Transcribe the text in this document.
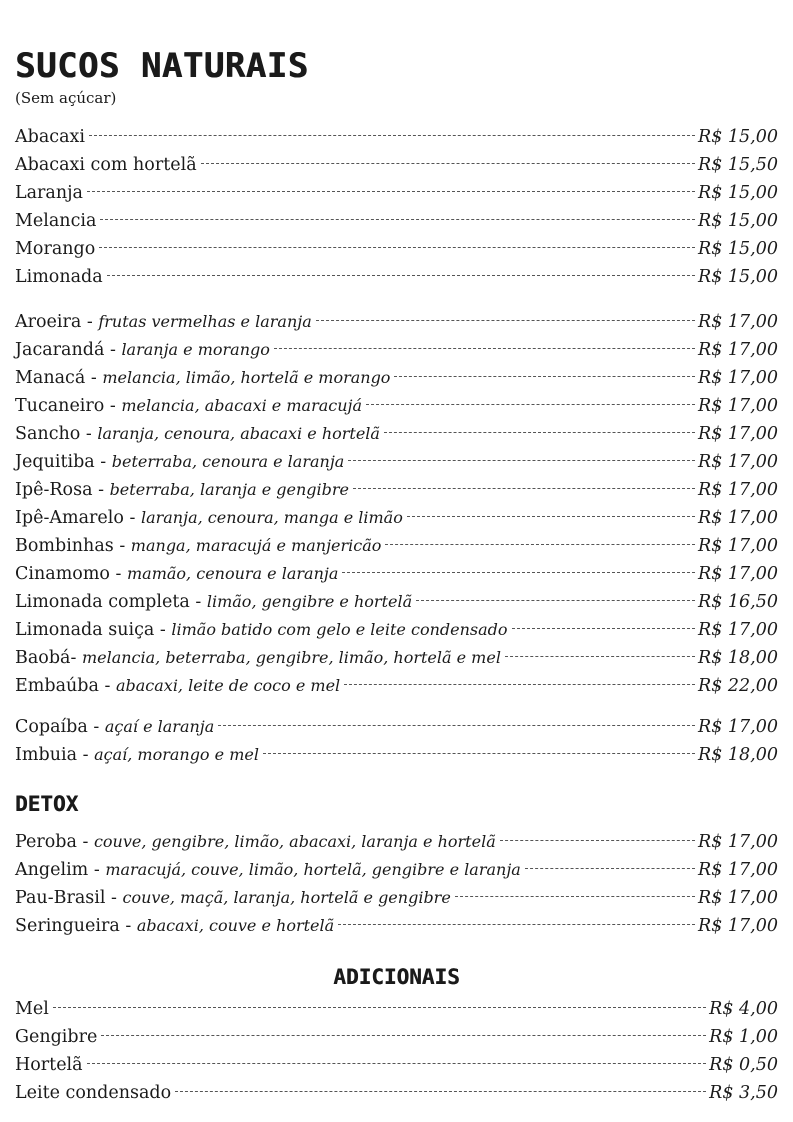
SUCOS NATURAIS
(Sem açúcar)
Abacaxi	R$ 15,00
Abacaxi com hortelã	R$ 15,50
Laranja	R$ 15,00
Melancia	R$ 15,00
Morango	R$ 15,00
Limonada	R$ 15,00
Aroeira - frutas vermelhas e laranja	R$ 17,00
Jacarandá - laranja e morango	R$ 17,00
Manacá - melancia, limão, hortelã e morango	R$ 17,00
Tucaneiro - melancia, abacaxi e maracujá	R$ 17,00
Sancho - laranja, cenoura, abacaxi e hortelã	R$ 17,00
Jequitiba - beterraba, cenoura e laranja	R$ 17,00
Ipê-Rosa - beterraba, laranja e gengibre	R$ 17,00
Ipê-Amarelo - laranja, cenoura, manga e limão	R$ 17,00
Bombinhas - manga, maracujá e manjericão	R$ 17,00
Cinamomo - mamão, cenoura e laranja	R$ 17,00
Limonada completa - limão, gengibre e hortelã	R$ 16,50
Limonada suiça - limão batido com gelo e leite condensado	R$ 17,00
Baobá - melancia, beterraba, gengibre, limão, hortelã e mel	R$ 18,00
Embaúba - abacaxi, leite de coco e mel	R$ 22,00
Copaíba - açaí e laranja	R$ 17,00
Imbuia - açaí, morango e mel	R$ 18,00
DETOX
Peroba - couve, gengibre, limão, abacaxi, laranja e hortelã	R$ 17,00
Angelim - maracujá, couve, limão, hortelã, gengibre e laranja	R$ 17,00
Pau-Brasil - couve, maçã, laranja, hortelã e gengibre	R$ 17,00
Seringueira - abacaxi, couve e hortelã	R$ 17,00
ADICIONAIS
Mel	R$ 4,00
Gengibre	R$ 1,00
Hortelã	R$ 0,50
Leite condensado	R$ 3,50
